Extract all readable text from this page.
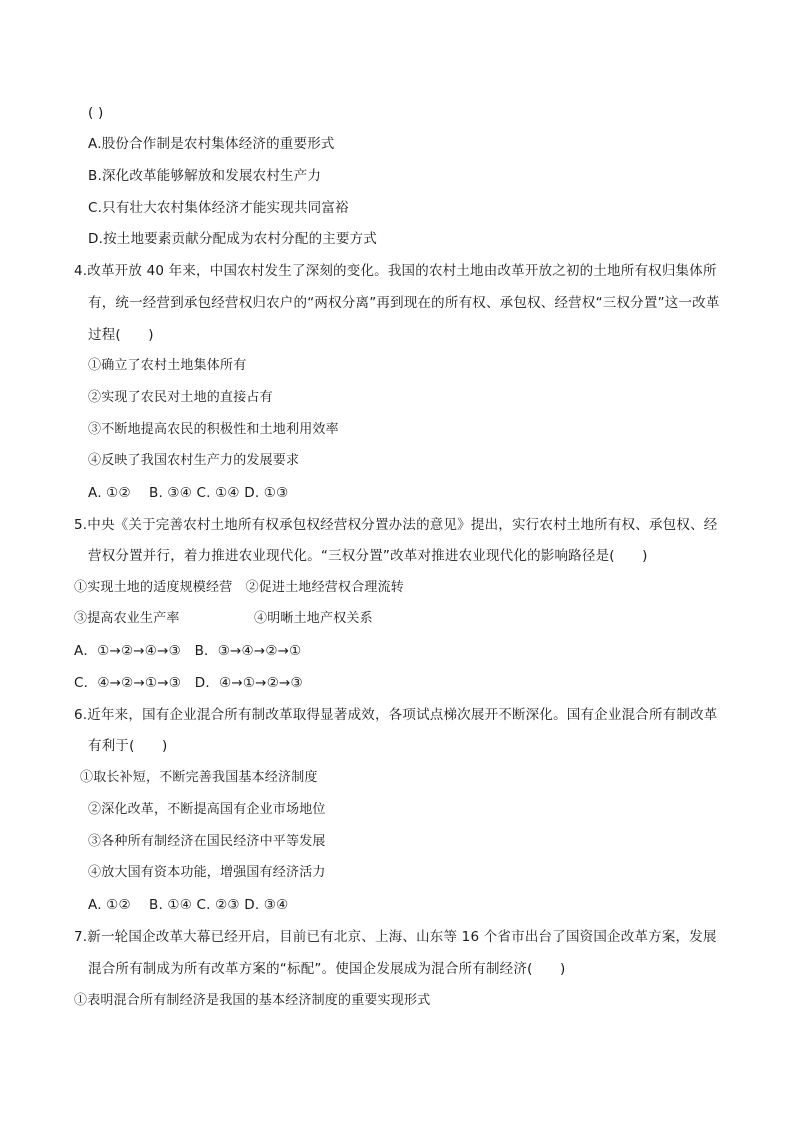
( )
A.股份合作制是农村集体经济的重要形式
B.深化改革能够解放和发展农村生产力
C.只有壮大农村集体经济才能实现共同富裕
D.按土地要素贡献分配成为农村分配的主要方式
4.改革开放 40 年来，中国农村发生了深刻的变化。我国的农村土地由改革开放之初的土地所有权归集体所
有，统一经营到承包经营权归农户的“两权分离”再到现在的所有权、承包权、经营权“三权分置”这一改革
过程(　　)
①确立了农村土地集体所有
②实现了农民对土地的直接占有
③不断地提高农民的积极性和土地利用效率
④反映了我国农村生产力的发展要求
A. ①②　 B. ③④ C. ①④ D. ①③
5.中央《关于完善农村土地所有权承包权经营权分置办法的意见》提出，实行农村土地所有权、承包权、经
营权分置并行，着力推进农业现代化。“三权分置”改革对推进农业现代化的影响路径是(　　)
①实现土地的适度规模经营　②促进土地经营权合理流转
③提高农业生产率	④明晰土地产权关系
A．①→②→④→③　B．③→④→②→①
C．④→②→①→③　D．④→①→②→③
6.近年来，国有企业混合所有制改革取得显著成效，各项试点梯次展开不断深化。国有企业混合所有制改革
有利于(　　)
①取长补短，不断完善我国基本经济制度
②深化改革，不断提高国有企业市场地位
③各种所有制经济在国民经济中平等发展
④放大国有资本功能，增强国有经济活力
A. ①②　 B. ①④ C. ②③ D. ③④
7.新一轮国企改革大幕已经开启，目前已有北京、上海、山东等 16 个省市出台了国资国企改革方案，发展
混合所有制成为所有改革方案的“标配”。使国企发展成为混合所有制经济(　　)
①表明混合所有制经济是我国的基本经济制度的重要实现形式
